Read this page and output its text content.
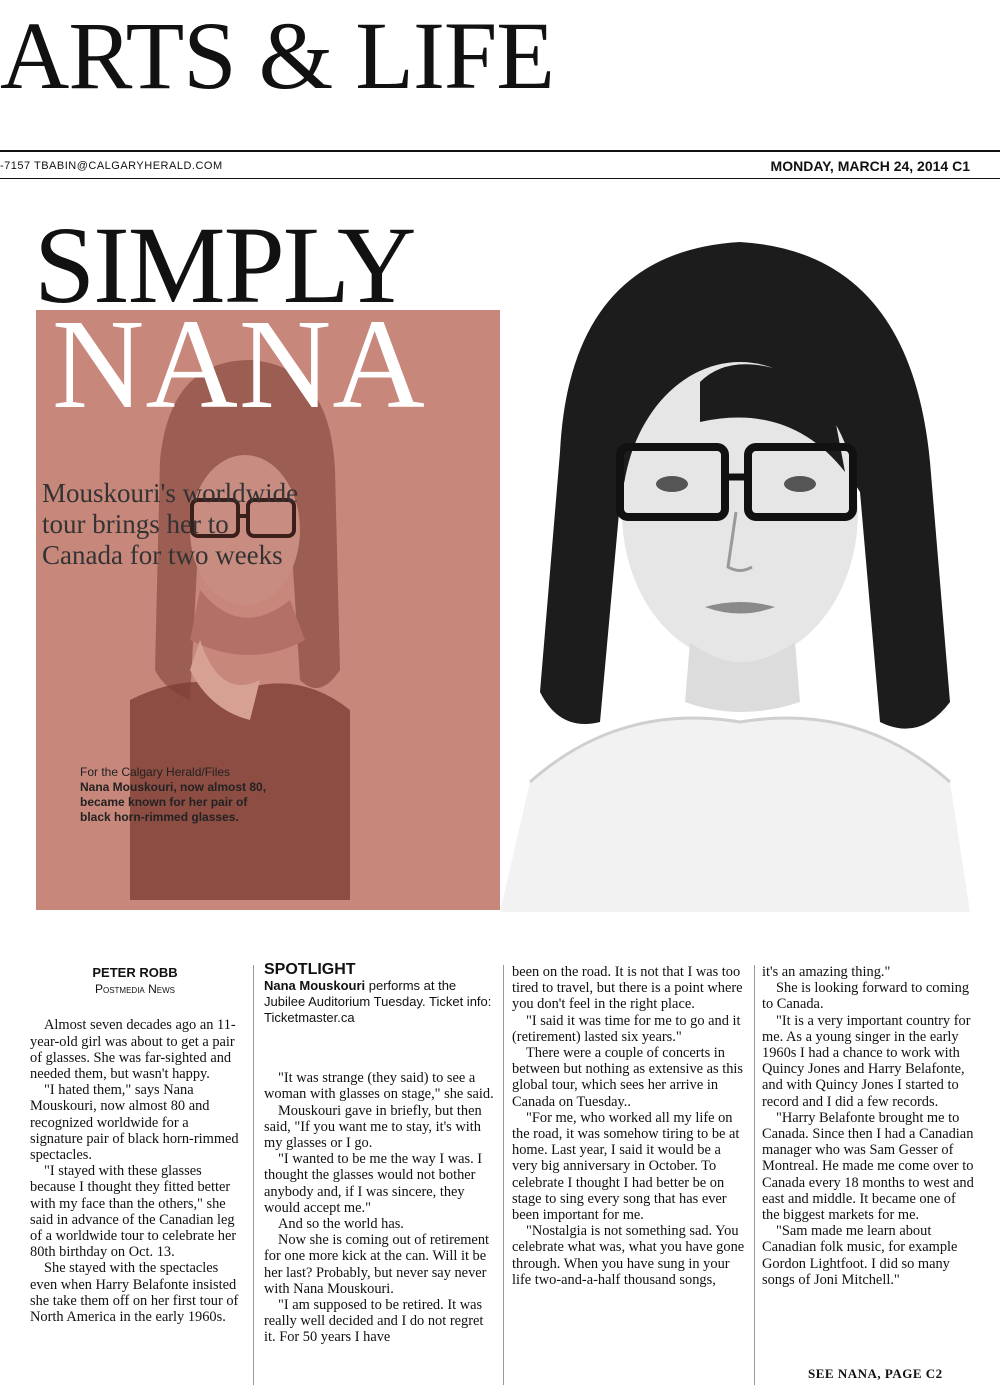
ARTS & LIFE
-7157 TBABIN@CALGARYHERALD.COM	MONDAY, MARCH 24, 2014 C1
SIMPLY
NANA
Mouskouri's worldwide tour brings her to Canada for two weeks
For the Calgary Herald/Files
Nana Mouskouri, now almost 80, became known for her pair of black horn-rimmed glasses.
PETER ROBB
Postmedia News

Almost seven decades ago an 11-year-old girl was about to get a pair of glasses. She was far-sighted and needed them, but wasn't happy.

"I hated them," says Nana Mouskouri, now almost 80 and recognized worldwide for a signature pair of black horn-rimmed spectacles.

"I stayed with these glasses because I thought they fitted better with my face than the others," she said in advance of the Canadian leg of a worldwide tour to celebrate her 80th birthday on Oct. 13.

She stayed with the spectacles even when Harry Belafonte insisted she take them off on her first tour of North America in the early 1960s.

SPOTLIGHT
Nana Mouskouri performs at the Jubilee Auditorium Tuesday. Ticket info: Ticketmaster.ca

"It was strange (they said) to see a woman with glasses on stage," she said.

Mouskouri gave in briefly, but then said, "If you want me to stay, it's with my glasses or I go.

"I wanted to be me the way I was. I thought the glasses would not bother anybody and, if I was sincere, they would accept me."

And so the world has.

Now she is coming out of retirement for one more kick at the can. Will it be her last? Probably, but never say never with Nana Mouskouri.

"I am supposed to be retired. It was really well decided and I do not regret it. For 50 years I have

been on the road. It is not that I was too tired to travel, but there is a point where you don't feel in the right place.

"I said it was time for me to go and it (retirement) lasted six years."

There were a couple of concerts in between but nothing as extensive as this global tour, which sees her arrive in Canada on Tuesday..

"For me, who worked all my life on the road, it was somehow tiring to be at home. Last year, I said it would be a very big anniversary in October. To celebrate I thought I had better be on stage to sing every song that has ever been important for me.

"Nostalgia is not something sad. You celebrate what was, what you have gone through. When you have sung in your life two-and-a-half thousand songs,

it's an amazing thing."

She is looking forward to coming to Canada.

"It is a very important country for me. As a young singer in the early 1960s I had a chance to work with Quincy Jones and Harry Belafonte, and with Quincy Jones I started to record and I did a few records.

"Harry Belafonte brought me to Canada. Since then I had a Canadian manager who was Sam Gesser of Montreal. He made me come over to Canada every 18 months to west and east and middle. It became one of the biggest markets for me.

"Sam made me learn about Canadian folk music, for example Gordon Lightfoot. I did so many songs of Joni Mitchell."

SEE NANA, PAGE C2
